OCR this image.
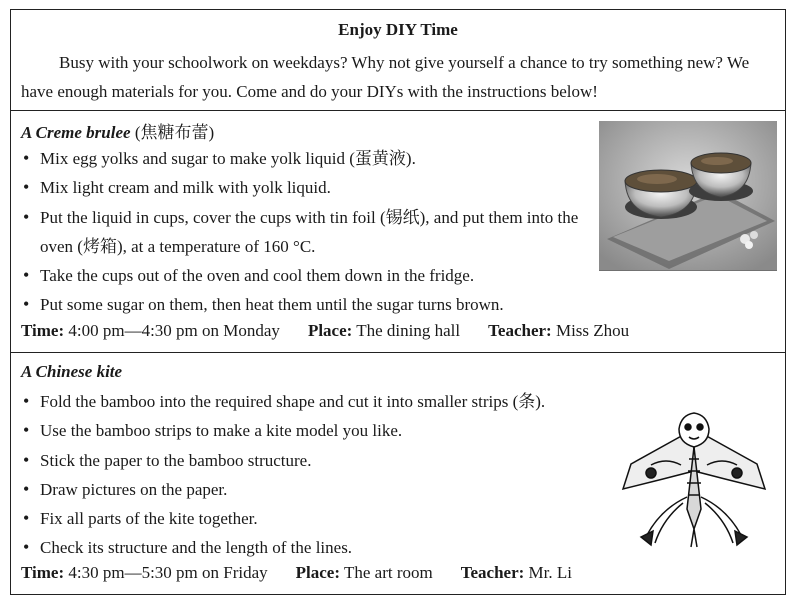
Enjoy DIY Time
Busy with your schoolwork on weekdays? Why not give yourself a chance to try something new? We have enough materials for you. Come and do your DIYs with the instructions below!
A Creme brulee (焦糖布蕾)
• Mix egg yolks and sugar to make yolk liquid (蛋黄液).
• Mix light cream and milk with yolk liquid.
• Put the liquid in cups, cover the cups with tin foil (锡纸), and put them into the oven (烤箱), at a temperature of 160 °C.
• Take the cups out of the oven and cool them down in the fridge.
• Put some sugar on them, then heat them until the sugar turns brown.
Time: 4:00 pm—4:30 pm on Monday Place: The dining hall Teacher: Miss Zhou
A Chinese kite
• Fold the bamboo into the required shape and cut it into smaller strips (条).
• Use the bamboo strips to make a kite model you like.
• Stick the paper to the bamboo structure.
• Draw pictures on the paper.
• Fix all parts of the kite together.
• Check its structure and the length of the lines.
Time: 4:30 pm—5:30 pm on Friday Place: The art room Teacher: Mr. Li
